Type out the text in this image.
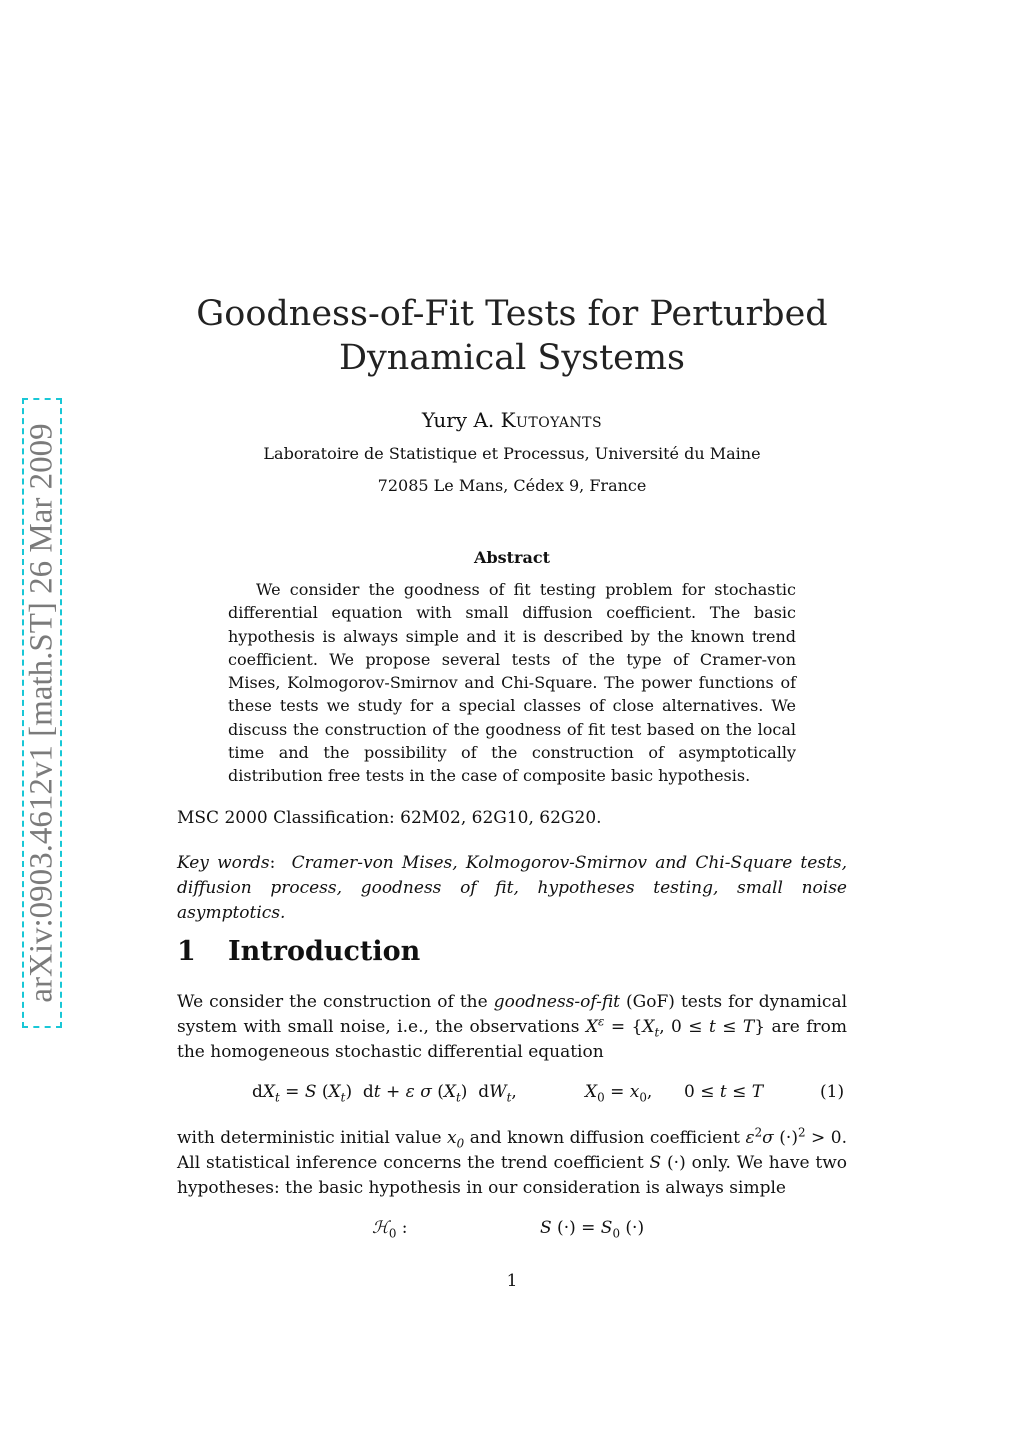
arXiv:0903.4612v1 [math.ST] 26 Mar 2009
Goodness-of-Fit Tests for Perturbed
Dynamical Systems
Yury A. Kutoyants
Laboratoire de Statistique et Processus, Université du Maine
72085 Le Mans, Cédex 9, France
Abstract

We consider the goodness of fit testing problem for stochastic differential equation with small diffusion coefficient. The basic hypothesis is always simple and it is described by the known trend coefficient. We propose several tests of the type of Cramer-von Mises, Kolmogorov-Smirnov and Chi-Square. The power functions of these tests we study for a special classes of close alternatives. We discuss the construction of the goodness of fit test based on the local time and the possibility of the construction of asymptotically distribution free tests in the case of composite basic hypothesis.

MSC 2000 Classification: 62M02, 62G10, 62G20.

Key words:  Cramer-von Mises, Kolmogorov-Smirnov and Chi-Square tests, diffusion process, goodness of fit, hypotheses testing, small noise asymptotics.

1 Introduction

We consider the construction of the goodness-of-fit (GoF) tests for dynamical system with small noise, i.e., the observations $X^\varepsilon = \{X_t$, 0 ≤ t ≤ T} are from the homogeneous stochastic differential equation

$dX_t = S$ $(X_t)$  dt + ε σ $(X_t)$  $dW_t$,	$X_0 = x_0$, 0 ≤ t ≤ T	(1)

with deterministic initial value $x_0$ and known diffusion coefficient $\varepsilon^2\sigma$ $(\cdot)^2 > 0$. All statistical inference concerns the trend coefficient S (·) only. We have two hypotheses: the basic hypothesis in our consideration is always simple

ℋ$_0$ :	S (·) = $S_0$ (·)
1
